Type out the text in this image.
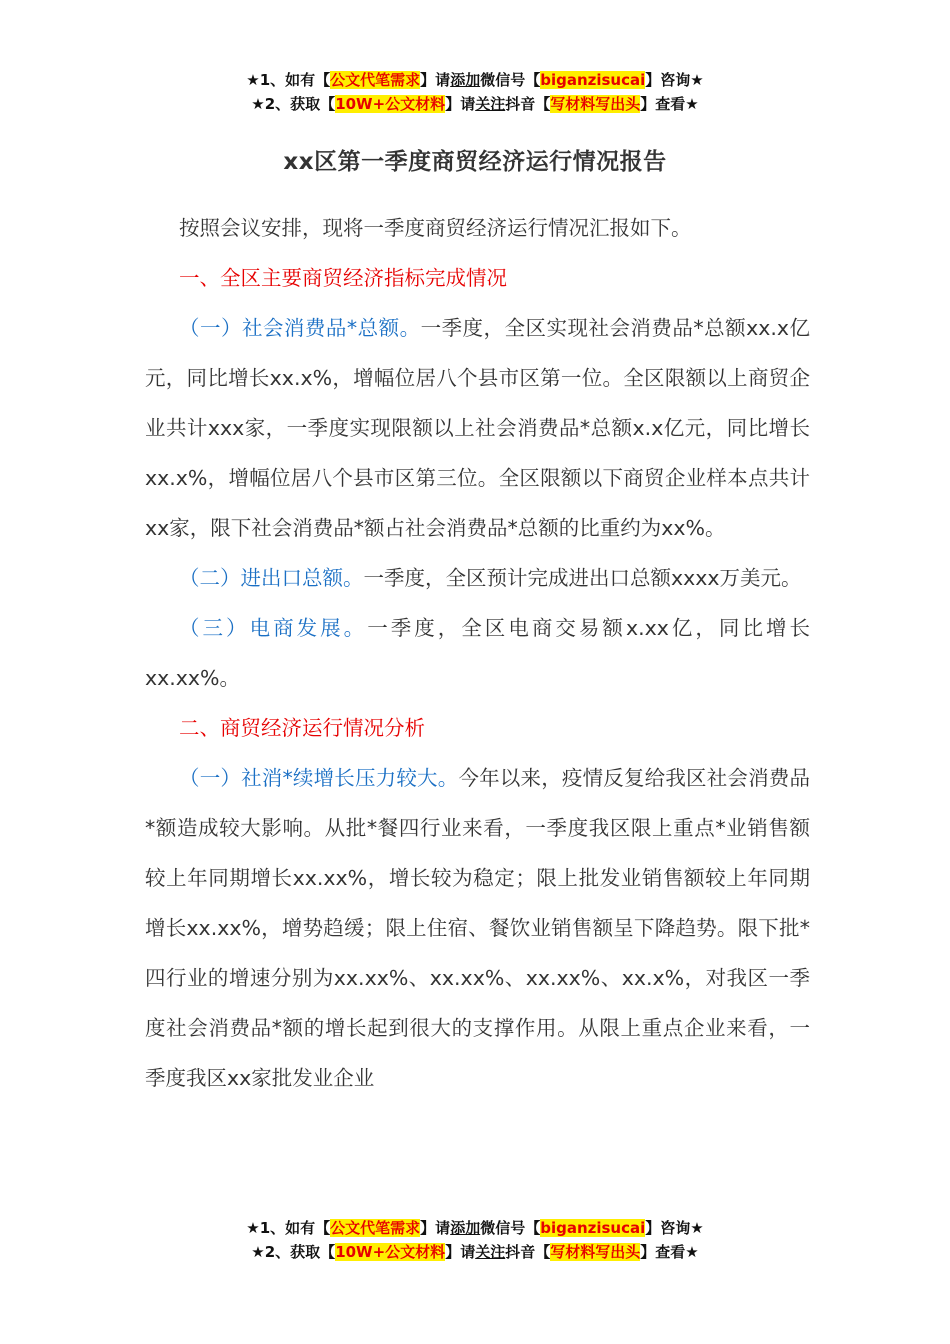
★1、如有【公文代笔需求】请添加微信号【biganzisucai】咨询★
★2、获取【10W+公文材料】请关注抖音【写材料写出头】查看★
xx区第一季度商贸经济运行情况报告

按照会议安排，现将一季度商贸经济运行情况汇报如下。

一、全区主要商贸经济指标完成情况

（一）社会消费品*总额。一季度，全区实现社会消费品*总额xx.x亿元，同比增长xx.x%，增幅位居八个县市区第一位。全区限额以上商贸企业共计xxx家，一季度实现限额以上社会消费品*总额x.x亿元，同比增长xx.x%，增幅位居八个县市区第三位。全区限额以下商贸企业样本点共计xx家，限下社会消费品*额占社会消费品*总额的比重约为xx%。

（二）进出口总额。一季度，全区预计完成进出口总额xxxx万美元。

（三）电商发展。一季度，全区电商交易额x.xx亿，同比增长xx.xx%。

二、商贸经济运行情况分析

（一）社消*续增长压力较大。今年以来，疫情反复给我区社会消费品*额造成较大影响。从批*餐四行业来看，一季度我区限上重点*业销售额较上年同期增长xx.xx%，增长较为稳定；限上批发业销售额较上年同期增长xx.xx%，增势趋缓；限上住宿、餐饮业销售额呈下降趋势。限下批*四行业的增速分别为xx.xx%、xx.xx%、xx.xx%、xx.x%，对我区一季度社会消费品*额的增长起到很大的支撑作用。从限上重点企业来看，一季度我区xx家批发业企业

★1、如有【公文代笔需求】请添加微信号【biganzisucai】咨询★
★2、获取【10W+公文材料】请关注抖音【写材料写出头】查看★
